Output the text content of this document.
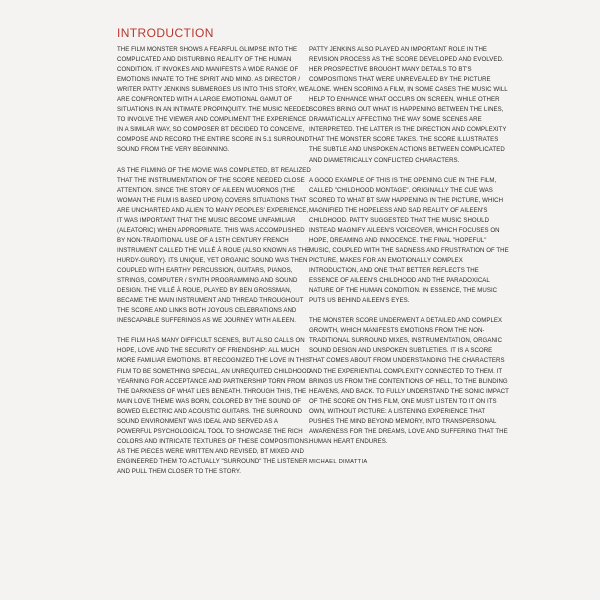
INTRODUCTION

THE FILM MONSTER SHOWS A FEARFUL GLIMPSE INTO THE COMPLICATED AND DISTURBING REALITY OF THE HUMAN CONDITION. IT INVOKES AND MANIFESTS A WIDE RANGE OF EMOTIONS INNATE TO THE SPIRIT AND MIND. AS DIRECTOR / WRITER PATTY JENKINS SUBMERGES US INTO THIS STORY, WE ARE CONFRONTED WITH A LARGE EMOTIONAL GAMUT OF SITUATIONS IN AN INTIMATE PROPINQUITY. THE MUSIC NEEDED TO INVOLVE THE VIEWER AND COMPLIMENT THE EXPERIENCE IN A SIMILAR WAY, SO COMPOSER BT DECIDED TO CONCEIVE, COMPOSE AND RECORD THE ENTIRE SCORE IN 5.1 SURROUND SOUND FROM THE VERY BEGINNING.

AS THE FILMING OF THE MOVIE WAS COMPLETED, BT REALIZED THAT THE INSTRUMENTATION OF THE SCORE NEEDED CLOSE ATTENTION. SINCE THE STORY OF AILEEN WUORNOS (THE WOMAN THE FILM IS BASED UPON) COVERS SITUATIONS THAT ARE UNCHARTED AND ALIEN TO MANY PEOPLES' EXPERIENCE, IT WAS IMPORTANT THAT THE MUSIC BECOME UNFAMILIAR (ALEATORIC) WHEN APPROPRIATE. THIS WAS ACCOMPLISHED BY NON-TRADITIONAL USE OF A 15TH CENTURY FRENCH INSTRUMENT CALLED THE VILLÉ À ROUE (ALSO KNOWN AS THE HURDY-GURDY). ITS UNIQUE, YET ORGANIC SOUND WAS THEN COUPLED WITH EARTHY PERCUSSION, GUITARS, PIANOS, STRINGS, COMPUTER / SYNTH PROGRAMMING AND SOUND DESIGN. THE VILLÉ À ROUE, PLAYED BY BEN GROSSMAN, BECAME THE MAIN INSTRUMENT AND THREAD THROUGHOUT THE SCORE AND LINKS BOTH JOYOUS CELEBRATIONS AND INESCAPABLE SUFFERINGS AS WE JOURNEY WITH AILEEN.

THE FILM HAS MANY DIFFICULT SCENES, BUT ALSO CALLS ON HOPE, LOVE AND THE SECURITY OF FRIENDSHIP: ALL MUCH MORE FAMILIAR EMOTIONS. BT RECOGNIZED THE LOVE IN THIS FILM TO BE SOMETHING SPECIAL, AN UNREQUITED CHILDHOOD YEARNING FOR ACCEPTANCE AND PARTNERSHIP TORN FROM THE DARKNESS OF WHAT LIES BENEATH. THROUGH THIS, THE MAIN LOVE THEME WAS BORN, COLORED BY THE SOUND OF BOWED ELECTRIC AND ACOUSTIC GUITARS. THE SURROUND SOUND ENVIRONMENT WAS IDEAL AND SERVED AS A POWERFUL PSYCHOLOGICAL TOOL TO SHOWCASE THE RICH COLORS AND INTRICATE TEXTURES OF THESE COMPOSITIONS. AS THE PIECES WERE WRITTEN AND REVISED, BT MIXED AND ENGINEERED THEM TO ACTUALLY "SURROUND" THE LISTENER AND PULL THEM CLOSER TO THE STORY.

PATTY JENKINS ALSO PLAYED AN IMPORTANT ROLE IN THE REVISION PROCESS AS THE SCORE DEVELOPED AND EVOLVED. HER PROSPECTIVE BROUGHT MANY DETAILS TO BT'S COMPOSITIONS THAT WERE UNREVEALED BY THE PICTURE ALONE. WHEN SCORING A FILM, IN SOME CASES THE MUSIC WILL HELP TO ENHANCE WHAT OCCURS ON SCREEN, WHILE OTHER SCORES BRING OUT WHAT IS HAPPENING BETWEEN THE LINES, DRAMATICALLY AFFECTING THE WAY SOME SCENES ARE INTERPRETED. THE LATTER IS THE DIRECTION AND COMPLEXITY THAT THE MONSTER SCORE TAKES. THE SCORE ILLUSTRATES THE SUBTLE AND UNSPOKEN ACTIONS BETWEEN COMPLICATED AND DIAMETRICALLY CONFLICTED CHARACTERS.

A GOOD EXAMPLE OF THIS IS THE OPENING CUE IN THE FILM, CALLED "CHILDHOOD MONTAGE". ORIGINALLY THE CUE WAS SCORED TO WHAT BT SAW HAPPENING IN THE PICTURE, WHICH MAGNIFIED THE HOPELESS AND SAD REALITY OF AILEEN'S CHILDHOOD. PATTY SUGGESTED THAT THE MUSIC SHOULD INSTEAD MAGNIFY AILEEN'S VOICEOVER, WHICH FOCUSES ON HOPE, DREAMING AND INNOCENCE. THE FINAL "HOPEFUL" MUSIC, COUPLED WITH THE SADNESS AND FRUSTRATION OF THE PICTURE, MAKES FOR AN EMOTIONALLY COMPLEX INTRODUCTION, AND ONE THAT BETTER REFLECTS THE ESSENCE OF AILEEN'S CHILDHOOD AND THE PARADOXICAL NATURE OF THE HUMAN CONDITION. IN ESSENCE, THE MUSIC PUTS US BEHIND AILEEN'S EYES.

THE MONSTER SCORE UNDERWENT A DETAILED AND COMPLEX GROWTH, WHICH MANIFESTS EMOTIONS FROM THE NON-TRADITIONAL SURROUND MIXES, INSTRUMENTATION, ORGANIC SOUND DESIGN AND UNSPOKEN SUBTLETIES. IT IS A SCORE THAT COMES ABOUT FROM UNDERSTANDING THE CHARACTERS AND THE EXPERIENTIAL COMPLEXITY CONNECTED TO THEM. IT BRINGS US FROM THE CONTENTIONS OF HELL, TO THE BLINDING HEAVENS, AND BACK. TO FULLY UNDERSTAND THE SONIC IMPACT OF THE SCORE ON THIS FILM, ONE MUST LISTEN TO IT ON ITS OWN, WITHOUT PICTURE: A LISTENING EXPERIENCE THAT PUSHES THE MIND BEYOND MEMORY, INTO TRANSPERSONAL AWARENESS FOR THE DREAMS, LOVE AND SUFFERING THAT THE HUMAN HEART ENDURES.

MICHAEL DIMATTIA
